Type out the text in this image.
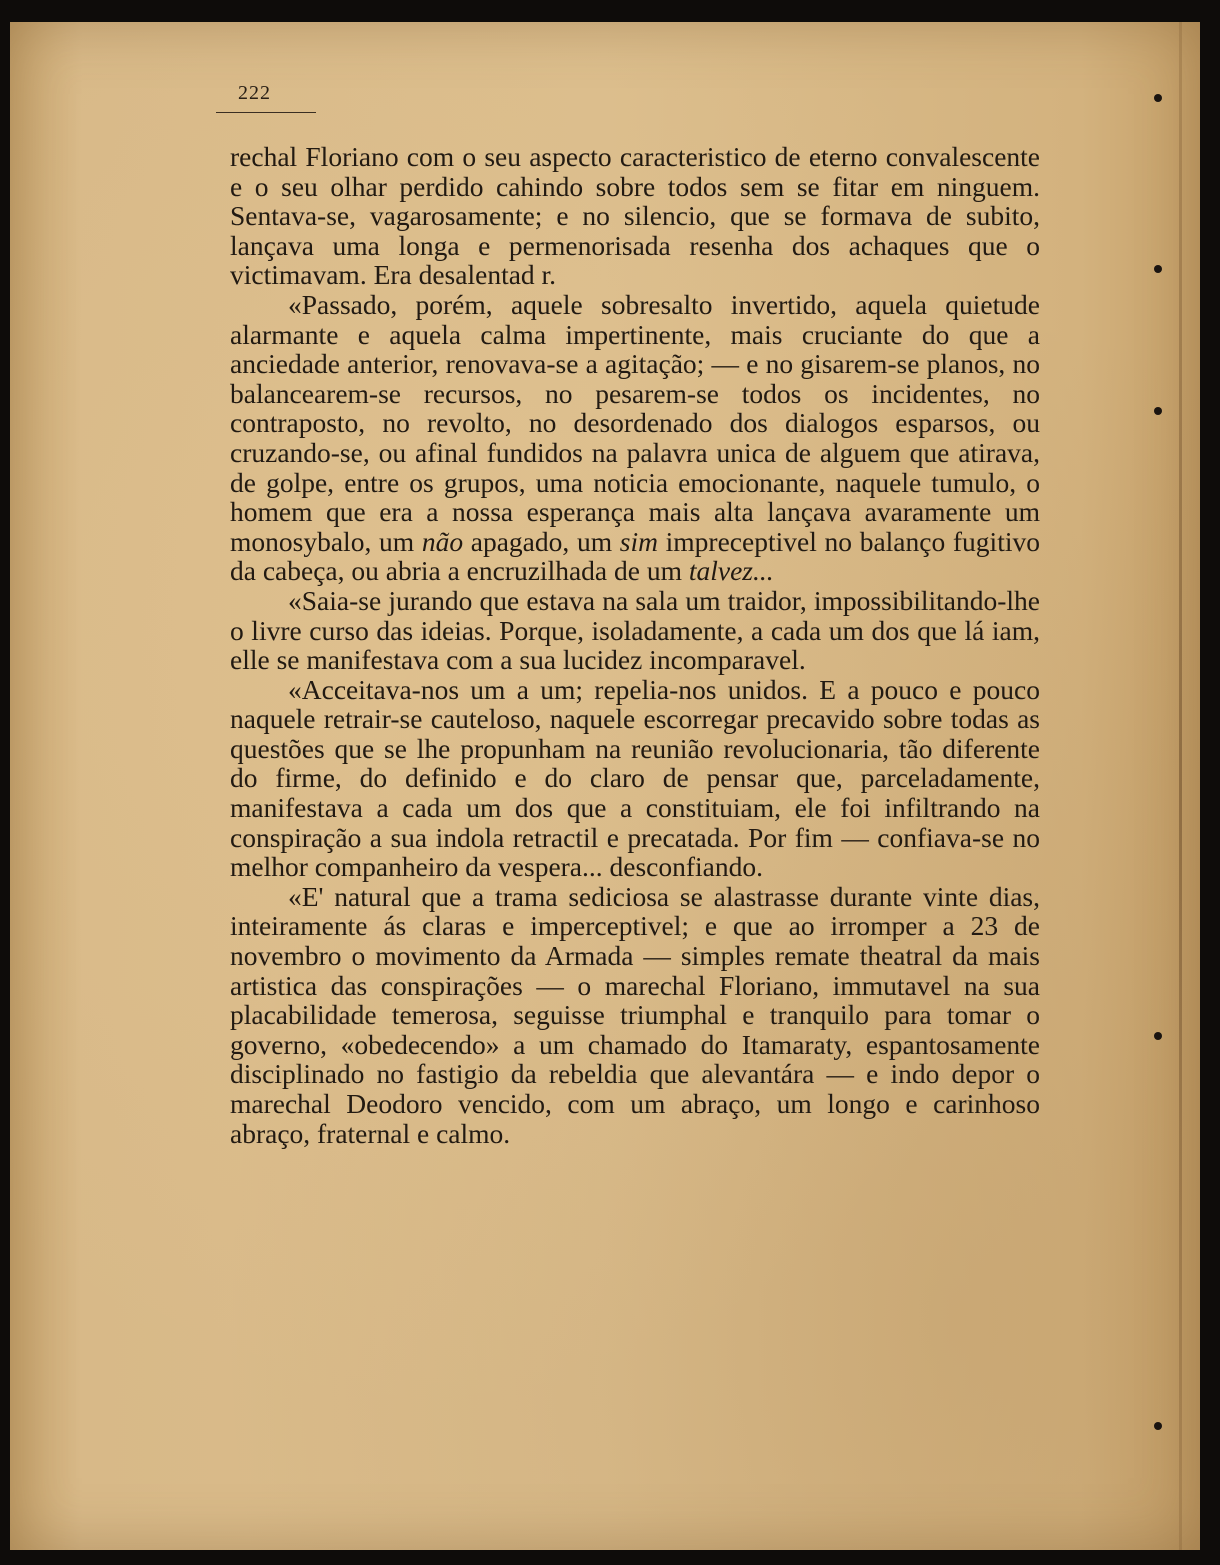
222

rechal Floriano com o seu aspecto caracteristico de eterno convalescente e o seu olhar perdido cahindo sobre todos sem se fitar em ninguem. Sentava-se, vagarosamente; e no silencio, que se formava de subito, lançava uma longa e permenorisada resenha dos achaques que o victimavam. Era desalentad r.

«Passado, porém, aquele sobresalto invertido, aquela quietude alarmante e aquela calma impertinente, mais cruciante do que a anciedade anterior, renovava-se a agitação; — e no gisarem-se planos, no balancearem-se recursos, no pesarem-se todos os incidentes, no contraposto, no revolto, no desordenado dos dialogos esparsos, ou cruzando-se, ou afinal fundidos na palavra unica de alguem que atirava, de golpe, entre os grupos, uma noticia emocionante, naquele tumulo, o homem que era a nossa esperança mais alta lançava avaramente um monosybalo, um não apagado, um sim impreceptivel no balanço fugitivo da cabeça, ou abria a encruzilhada de um talvez...

«Saia-se jurando que estava na sala um traidor, impossibilitando-lhe o livre curso das ideias. Porque, isoladamente, a cada um dos que lá iam, elle se manifestava com a sua lucidez incomparavel.

«Acceitava-nos um a um; repelia-nos unidos. E a pouco e pouco naquele retrair-se cauteloso, naquele escorregar precavido sobre todas as questões que se lhe propunham na reunião revolucionaria, tão diferente do firme, do definido e do claro de pensar que, parceladamente, manifestava a cada um dos que a constituiam, ele foi infiltrando na conspiração a sua indola retractil e precatada. Por fim — confiava-se no melhor companheiro da vespera... desconfiando.

«E' natural que a trama sediciosa se alastrasse durante vinte dias, inteiramente ás claras e imperceptivel; e que ao irromper a 23 de novembro o movimento da Armada — simples remate theatral da mais artistica das conspirações — o marechal Floriano, immutavel na sua placabilidade temerosa, seguisse triumphal e tranquilo para tomar o governo, «obedecendo» a um chamado do Itamaraty, espantosamente disciplinado no fastigio da rebeldia que alevantára — e indo depor o marechal Deodoro vencido, com um abraço, um longo e carinhoso abraço, fraternal e calmo.
